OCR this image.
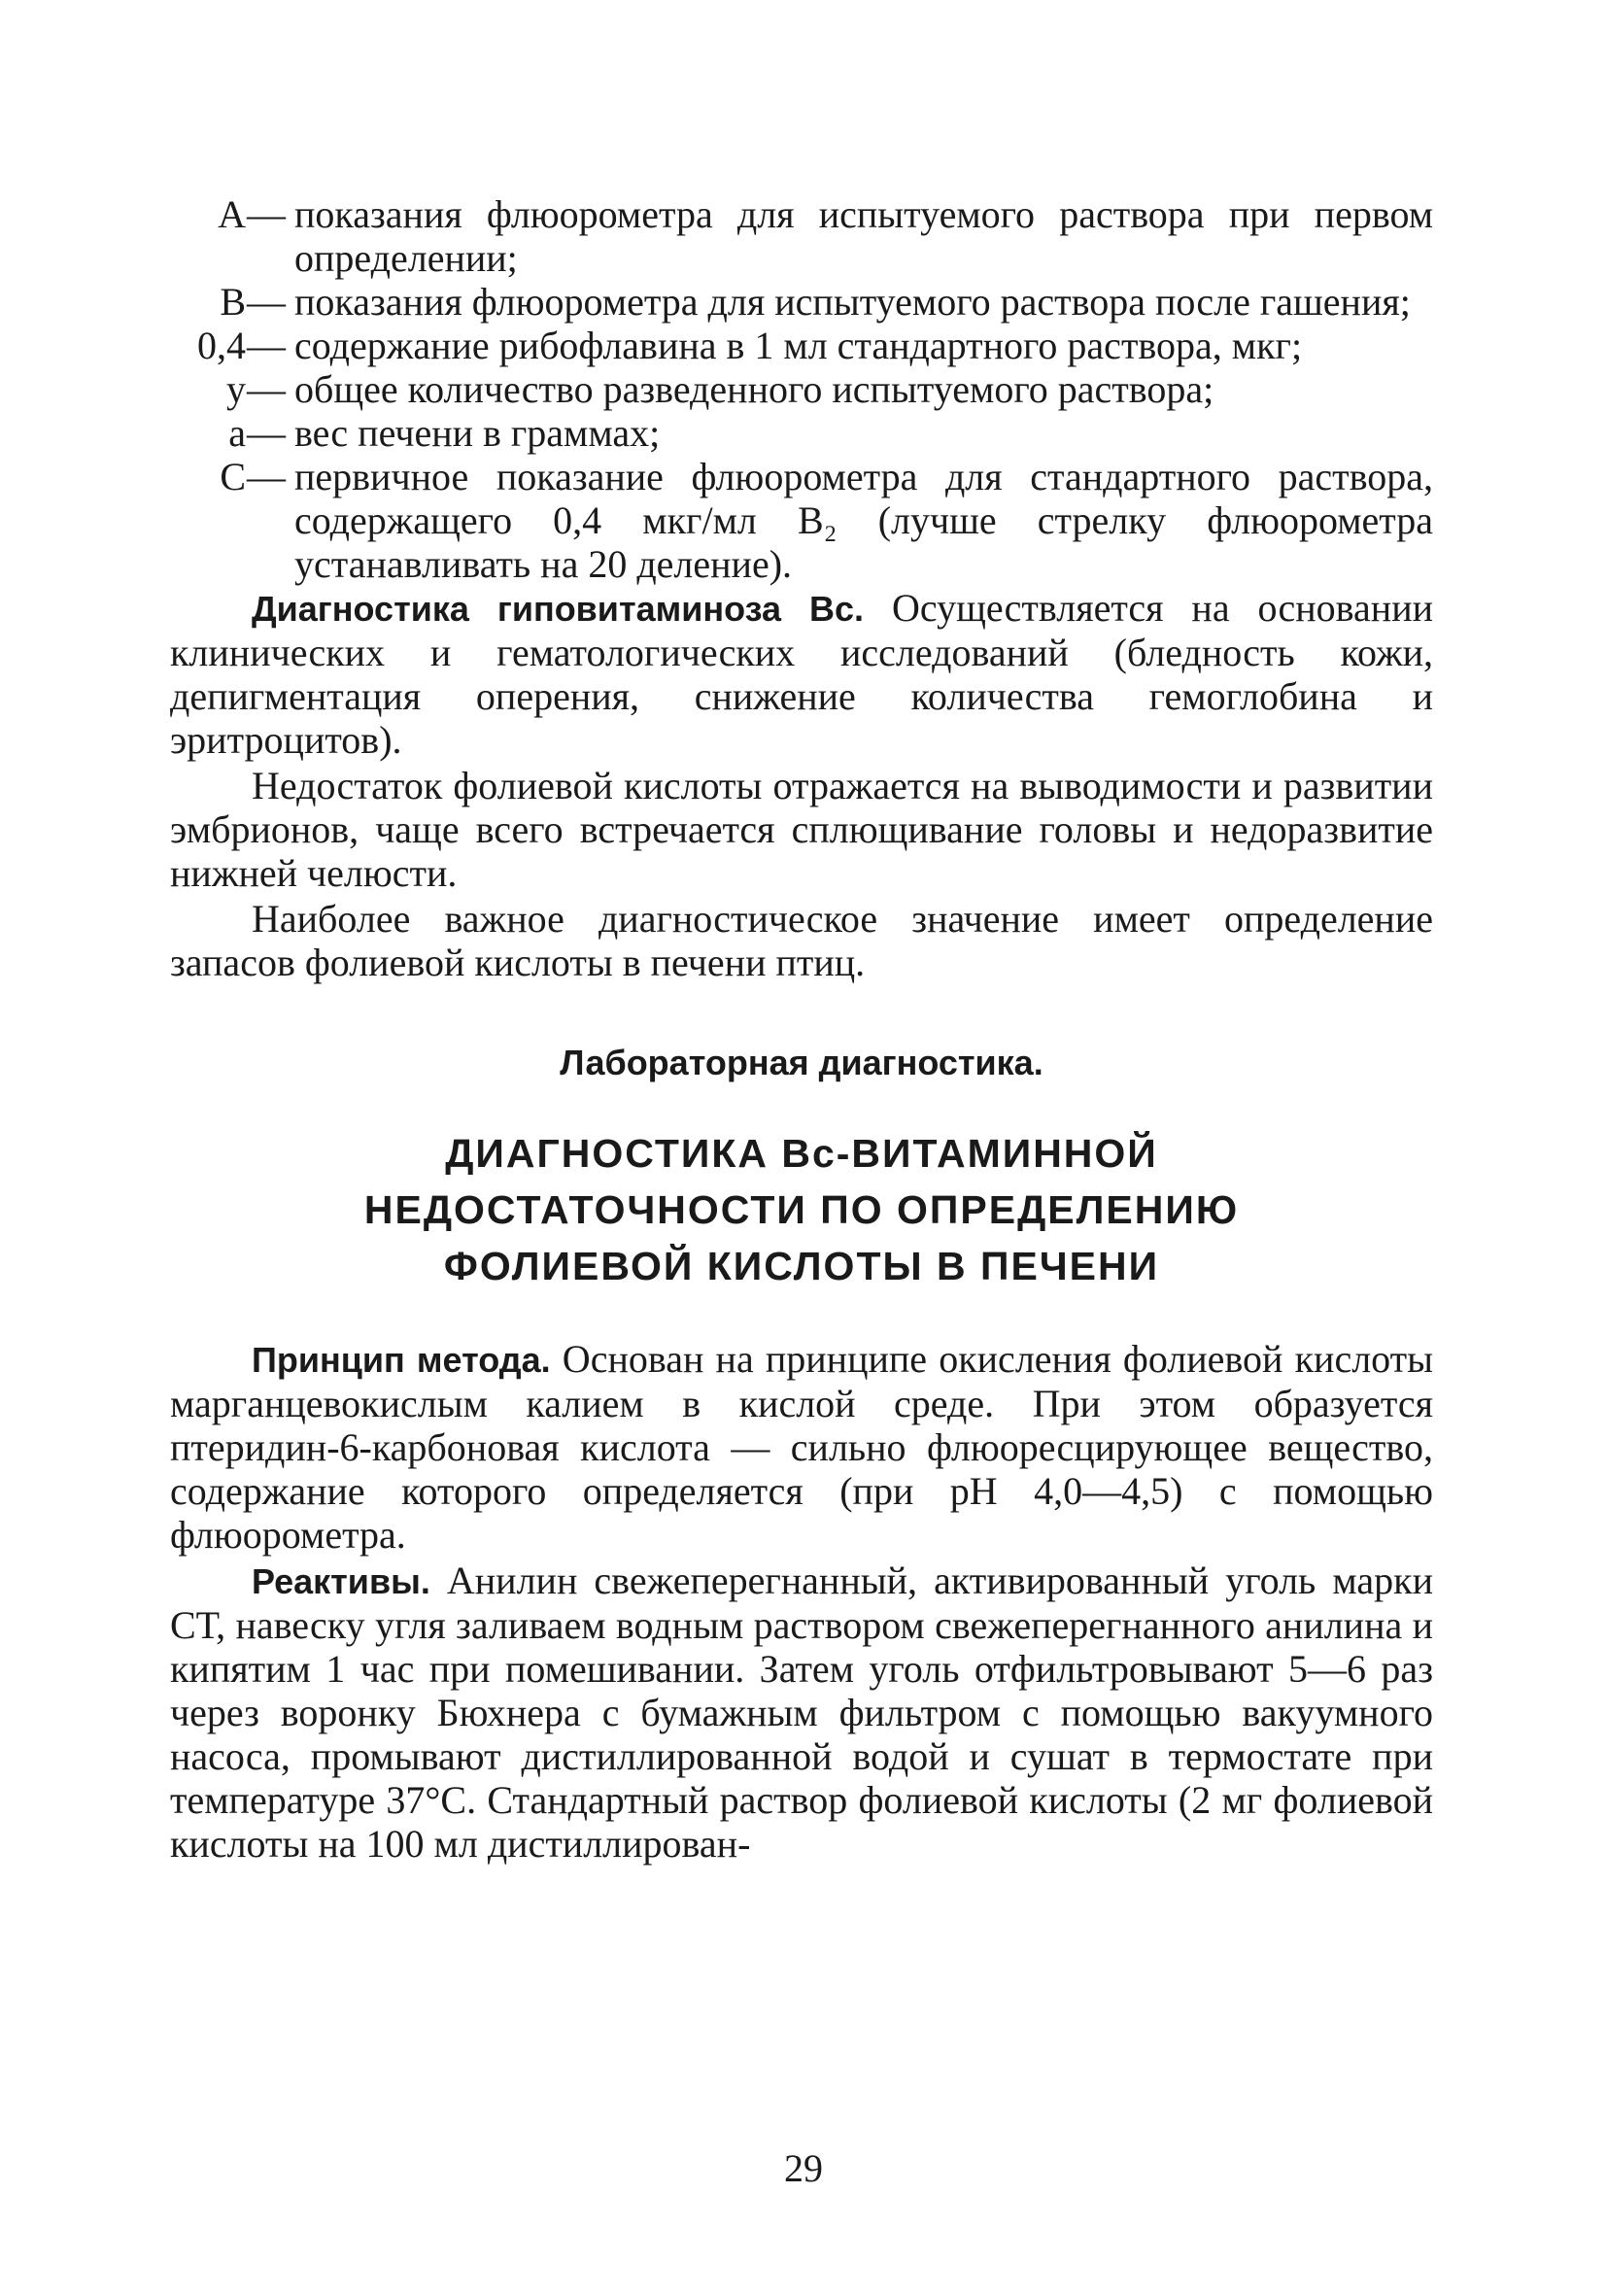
А — показания флюорометра для испытуемого раствора при первом определении;
В — показания флюорометра для испытуемого раствора после гашения;
0,4 — содержание рибофлавина в 1 мл стандартного раствора, мкг;
у — общее количество разведенного испытуемого раствора;
а — вес печени в граммах;
С — первичное показание флюорометра для стандартного раствора, содержащего 0,4 мкг/мл B₂ (лучше стрелку флюорометра устанавливать на 20 деление).

Диагностика гиповитаминоза Вс. Осуществляется на основании клинических и гематологических исследований (бледность кожи, депигментация оперения, снижение количества гемоглобина и эритроцитов).

Недостаток фолиевой кислоты отражается на выводимости и развитии эмбрионов, чаще всего встречается сплющивание головы и недоразвитие нижней челюсти.

Наиболее важное диагностическое значение имеет определение запасов фолиевой кислоты в печени птиц.

Лабораторная диагностика.
ДИАГНОСТИКА Вс-ВИТАМИННОЙ
НЕДОСТАТОЧНОСТИ ПО ОПРЕДЕЛЕНИЮ
ФОЛИЕВОЙ КИСЛОТЫ В ПЕЧЕНИ

Принцип метода. Основан на принципе окисления фолиевой кислоты марганцевокислым калием в кислой среде. При этом образуется птеридин-6-карбоновая кислота — сильно флюоресцирующее вещество, содержание которого определяется (при рН 4,0—4,5) с помощью флюорометра.

Реактивы. Анилин свежеперегнанный, активированный уголь марки СТ, навеску угля заливаем водным раствором свежеперегнанного анилина и кипятим 1 час при помешивании. Затем уголь отфильтровывают 5—6 раз через воронку Бюхнера с бумажным фильтром с помощью вакуумного насоса, промывают дистиллированной водой и сушат в термостате при температуре 37°С. Стандартный раствор фолиевой кислоты (2 мг фолиевой кислоты на 100 мл дистиллирован-

29
